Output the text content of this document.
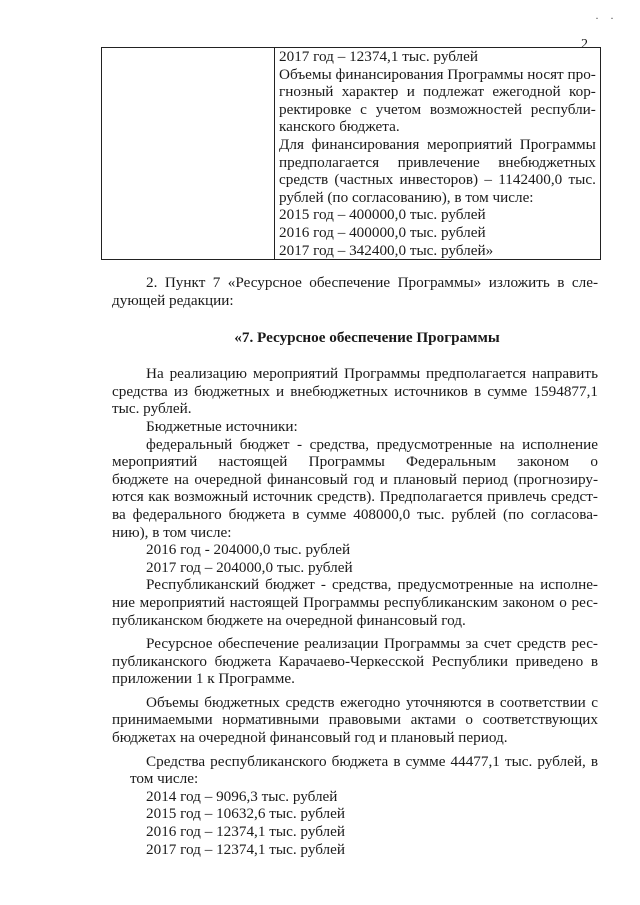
· ·
2

2017 год – 12374,1 тыс. рублей
Объемы финансирования Программы носят про-
гнозный характер и подлежат ежегодной кор-
ректировке с учетом возможностей республи-
канского бюджета.
Для финансирования мероприятий Программы
предполагается привлечение внебюджетных
средств (частных инвесторов) – 1142400,0 тыс.
рублей (по согласованию), в том числе:
2015 год – 400000,0 тыс. рублей
2016 год – 400000,0 тыс. рублей
2017 год – 342400,0 тыс. рублей»
2. Пункт 7 «Ресурсное обеспечение Программы» изложить в сле-
дующей редакции:
«7. Ресурсное обеспечение Программы
На реализацию мероприятий Программы предполагается направить
средства из бюджетных и внебюджетных источников в сумме 1594877,1
тыс. рублей.
Бюджетные источники:
федеральный бюджет - средства, предусмотренные на исполнение
мероприятий настоящей Программы Федеральным законом о
бюджете на очередной финансовый год и плановый период (прогнозиру-
ются как возможный источник средств). Предполагается привлечь средст-
ва федерального бюджета в сумме 408000,0 тыс. рублей (по согласова-
нию), в том числе:
2016 год - 204000,0 тыс. рублей
2017 год – 204000,0 тыс. рублей
Республиканский бюджет - средства, предусмотренные на исполне-
ние мероприятий настоящей Программы республиканским законом о рес-
публиканском бюджете на очередной финансовый год.
Ресурсное обеспечение реализации Программы за счет средств рес-
публиканского бюджета Карачаево-Черкесской Республики приведено в
приложении 1 к Программе.
Объемы бюджетных средств ежегодно уточняются в соответствии с
принимаемыми нормативными правовыми актами о соответствующих
бюджетах на очередной финансовый год и плановый период.
Средства республиканского бюджета в сумме 44477,1 тыс. рублей, в
том числе:
2014 год – 9096,3 тыс. рублей
2015 год – 10632,6 тыс. рублей
2016 год – 12374,1 тыс. рублей
2017 год – 12374,1 тыс. рублей
